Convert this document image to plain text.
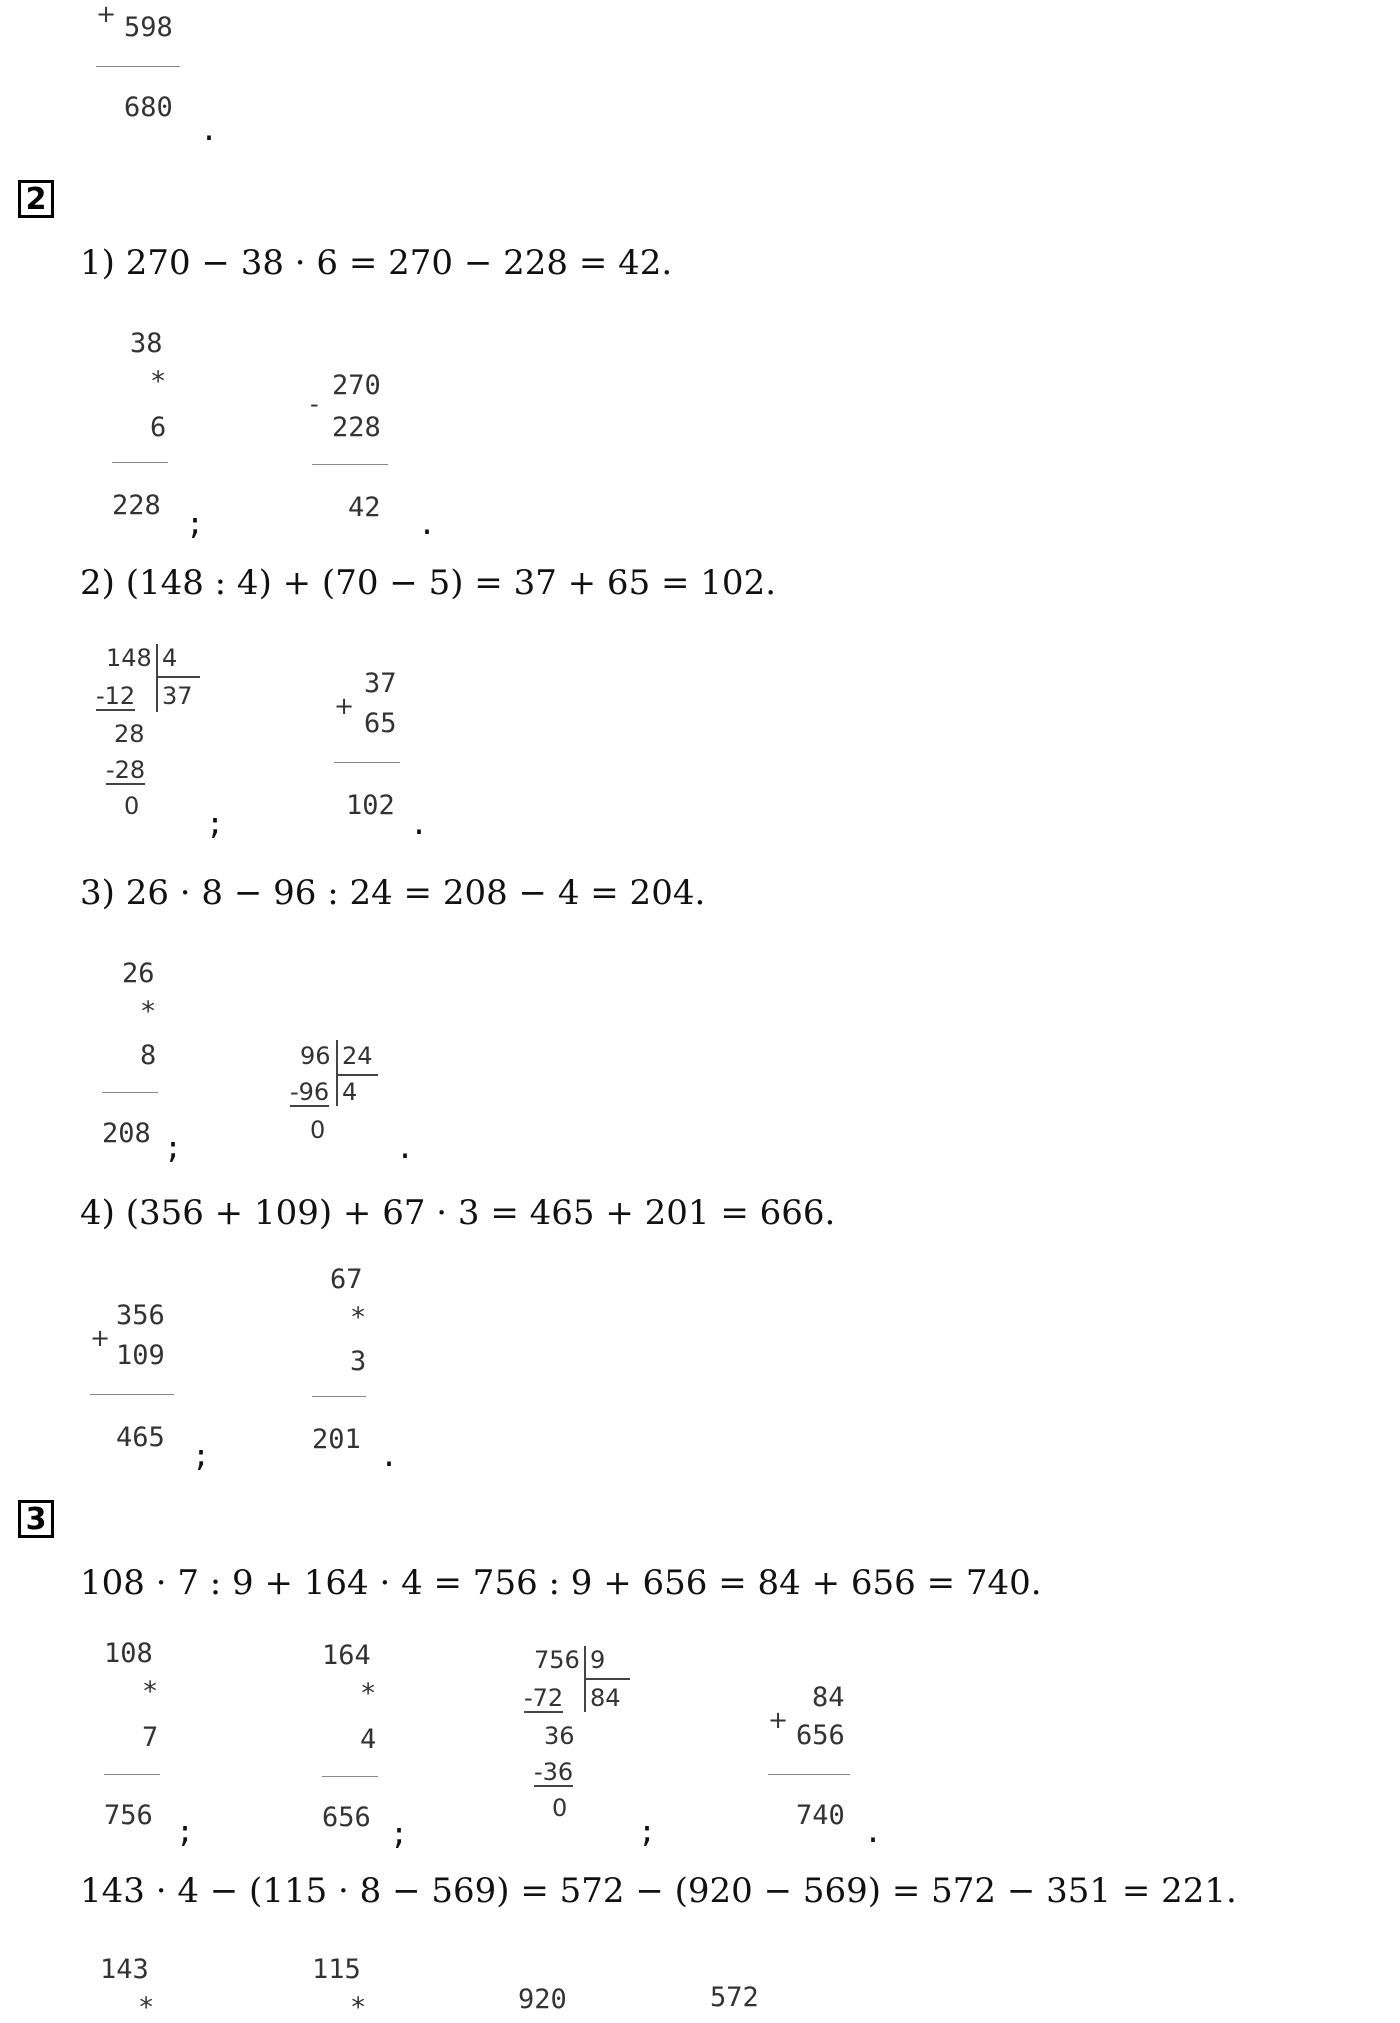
+ 598
680
.
2
1) 270 − 38 · 6 = 270 − 228 = 42.
38
*
6
228
;
-
270
228
42 .
2) (148 : 4) + (70 − 5) = 37 + 65 = 102.
148 4
-12 37
28
-28
0
;
+
37
65
102
.
3) 26 · 8 − 96 : 24 = 208 − 4 = 204.
26
*
8
208 ;
96 24
-96 4
0
.
4) (356 + 109) + 67 · 3 = 465 + 201 = 666.
+
356
109
465
;
67
*
3
201 .
3
108 · 7 : 9 + 164 · 4 = 756 : 9 + 656 = 84 + 656 = 740.
108
*
7
756 ;
164
*
4
656 ;
756 9
-72 84
36
-36
0
;
+
84
656
740 .
143 · 4 − (115 · 8 − 569) = 572 − (920 − 569) = 572 − 351 = 221.
143
*
115
*	920	572
